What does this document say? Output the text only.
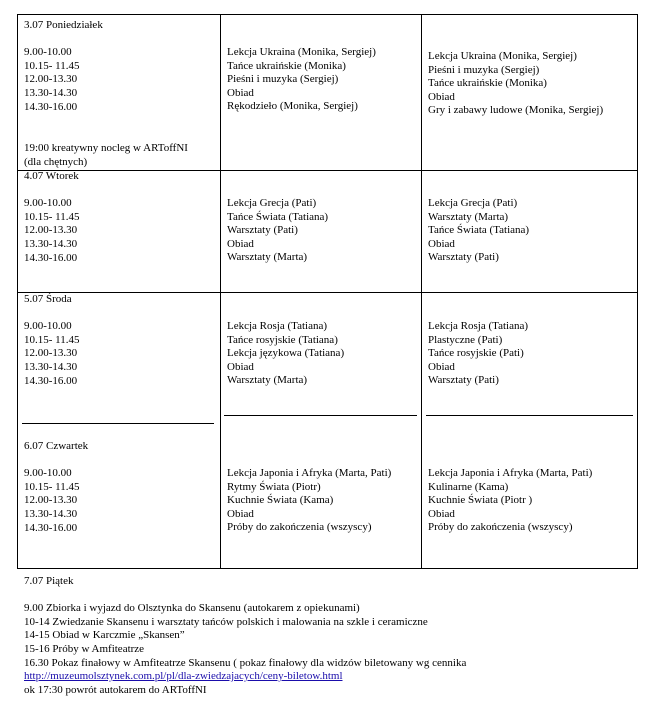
3.07 Poniedziałek
9.00-10.00
10.15- 11.45
12.00-13.30
13.30-14.30
14.30-16.00
19:00 kreatywny nocleg w ARToffNI
(dla chętnych)
Lekcja Ukraina (Monika, Sergiej)
Tańce ukraińskie (Monika)
Pieśni i muzyka (Sergiej)
Obiad
Rękodzieło (Monika, Sergiej)
Lekcja Ukraina (Monika, Sergiej)
Pieśni i muzyka (Sergiej)
Tańce ukraińskie (Monika)
Obiad
Gry i zabawy ludowe (Monika, Sergiej)
4.07 Wtorek
9.00-10.00
10.15- 11.45
12.00-13.30
13.30-14.30
14.30-16.00
Lekcja Grecja (Pati)
Tańce Świata (Tatiana)
Warsztaty (Pati)
Obiad
Warsztaty (Marta)
Lekcja Grecja (Pati)
Warsztaty (Marta)
Tańce Świata (Tatiana)
Obiad
Warsztaty (Pati)
5.07 Środa
9.00-10.00
10.15- 11.45
12.00-13.30
13.30-14.30
14.30-16.00
Lekcja Rosja (Tatiana)
Tańce rosyjskie (Tatiana)
Lekcja językowa (Tatiana)
Obiad
Warsztaty (Marta)
Lekcja Rosja (Tatiana)
Plastyczne (Pati)
Tańce rosyjskie (Pati)
Obiad
Warsztaty (Pati)
6.07 Czwartek
9.00-10.00
10.15- 11.45
12.00-13.30
13.30-14.30
14.30-16.00
Lekcja Japonia i Afryka (Marta, Pati)
Rytmy Świata (Piotr)
Kuchnie Świata (Kama)
Obiad
Próby do zakończenia (wszyscy)
Lekcja Japonia i Afryka (Marta, Pati)
Kulinarne (Kama)
Kuchnie Świata (Piotr )
Obiad
Próby do zakończenia (wszyscy)
7.07 Piątek
9.00 Zbiorka i wyjazd do Olsztynka do Skansenu (autokarem z opiekunami)
10-14 Zwiedzanie Skansenu i warsztaty tańców polskich i malowania na szkle i ceramiczne
14-15 Obiad w Karczmie „Skansen”
15-16 Próby w Amfiteatrze
16.30 Pokaz finałowy w Amfiteatrze Skansenu ( pokaz finałowy dla widzów biletowany wg cennika
http://muzeumolsztynek.com.pl/pl/dla-zwiedzajacych/ceny-biletow.html
ok 17:30 powrót autokarem do ARToffNI
